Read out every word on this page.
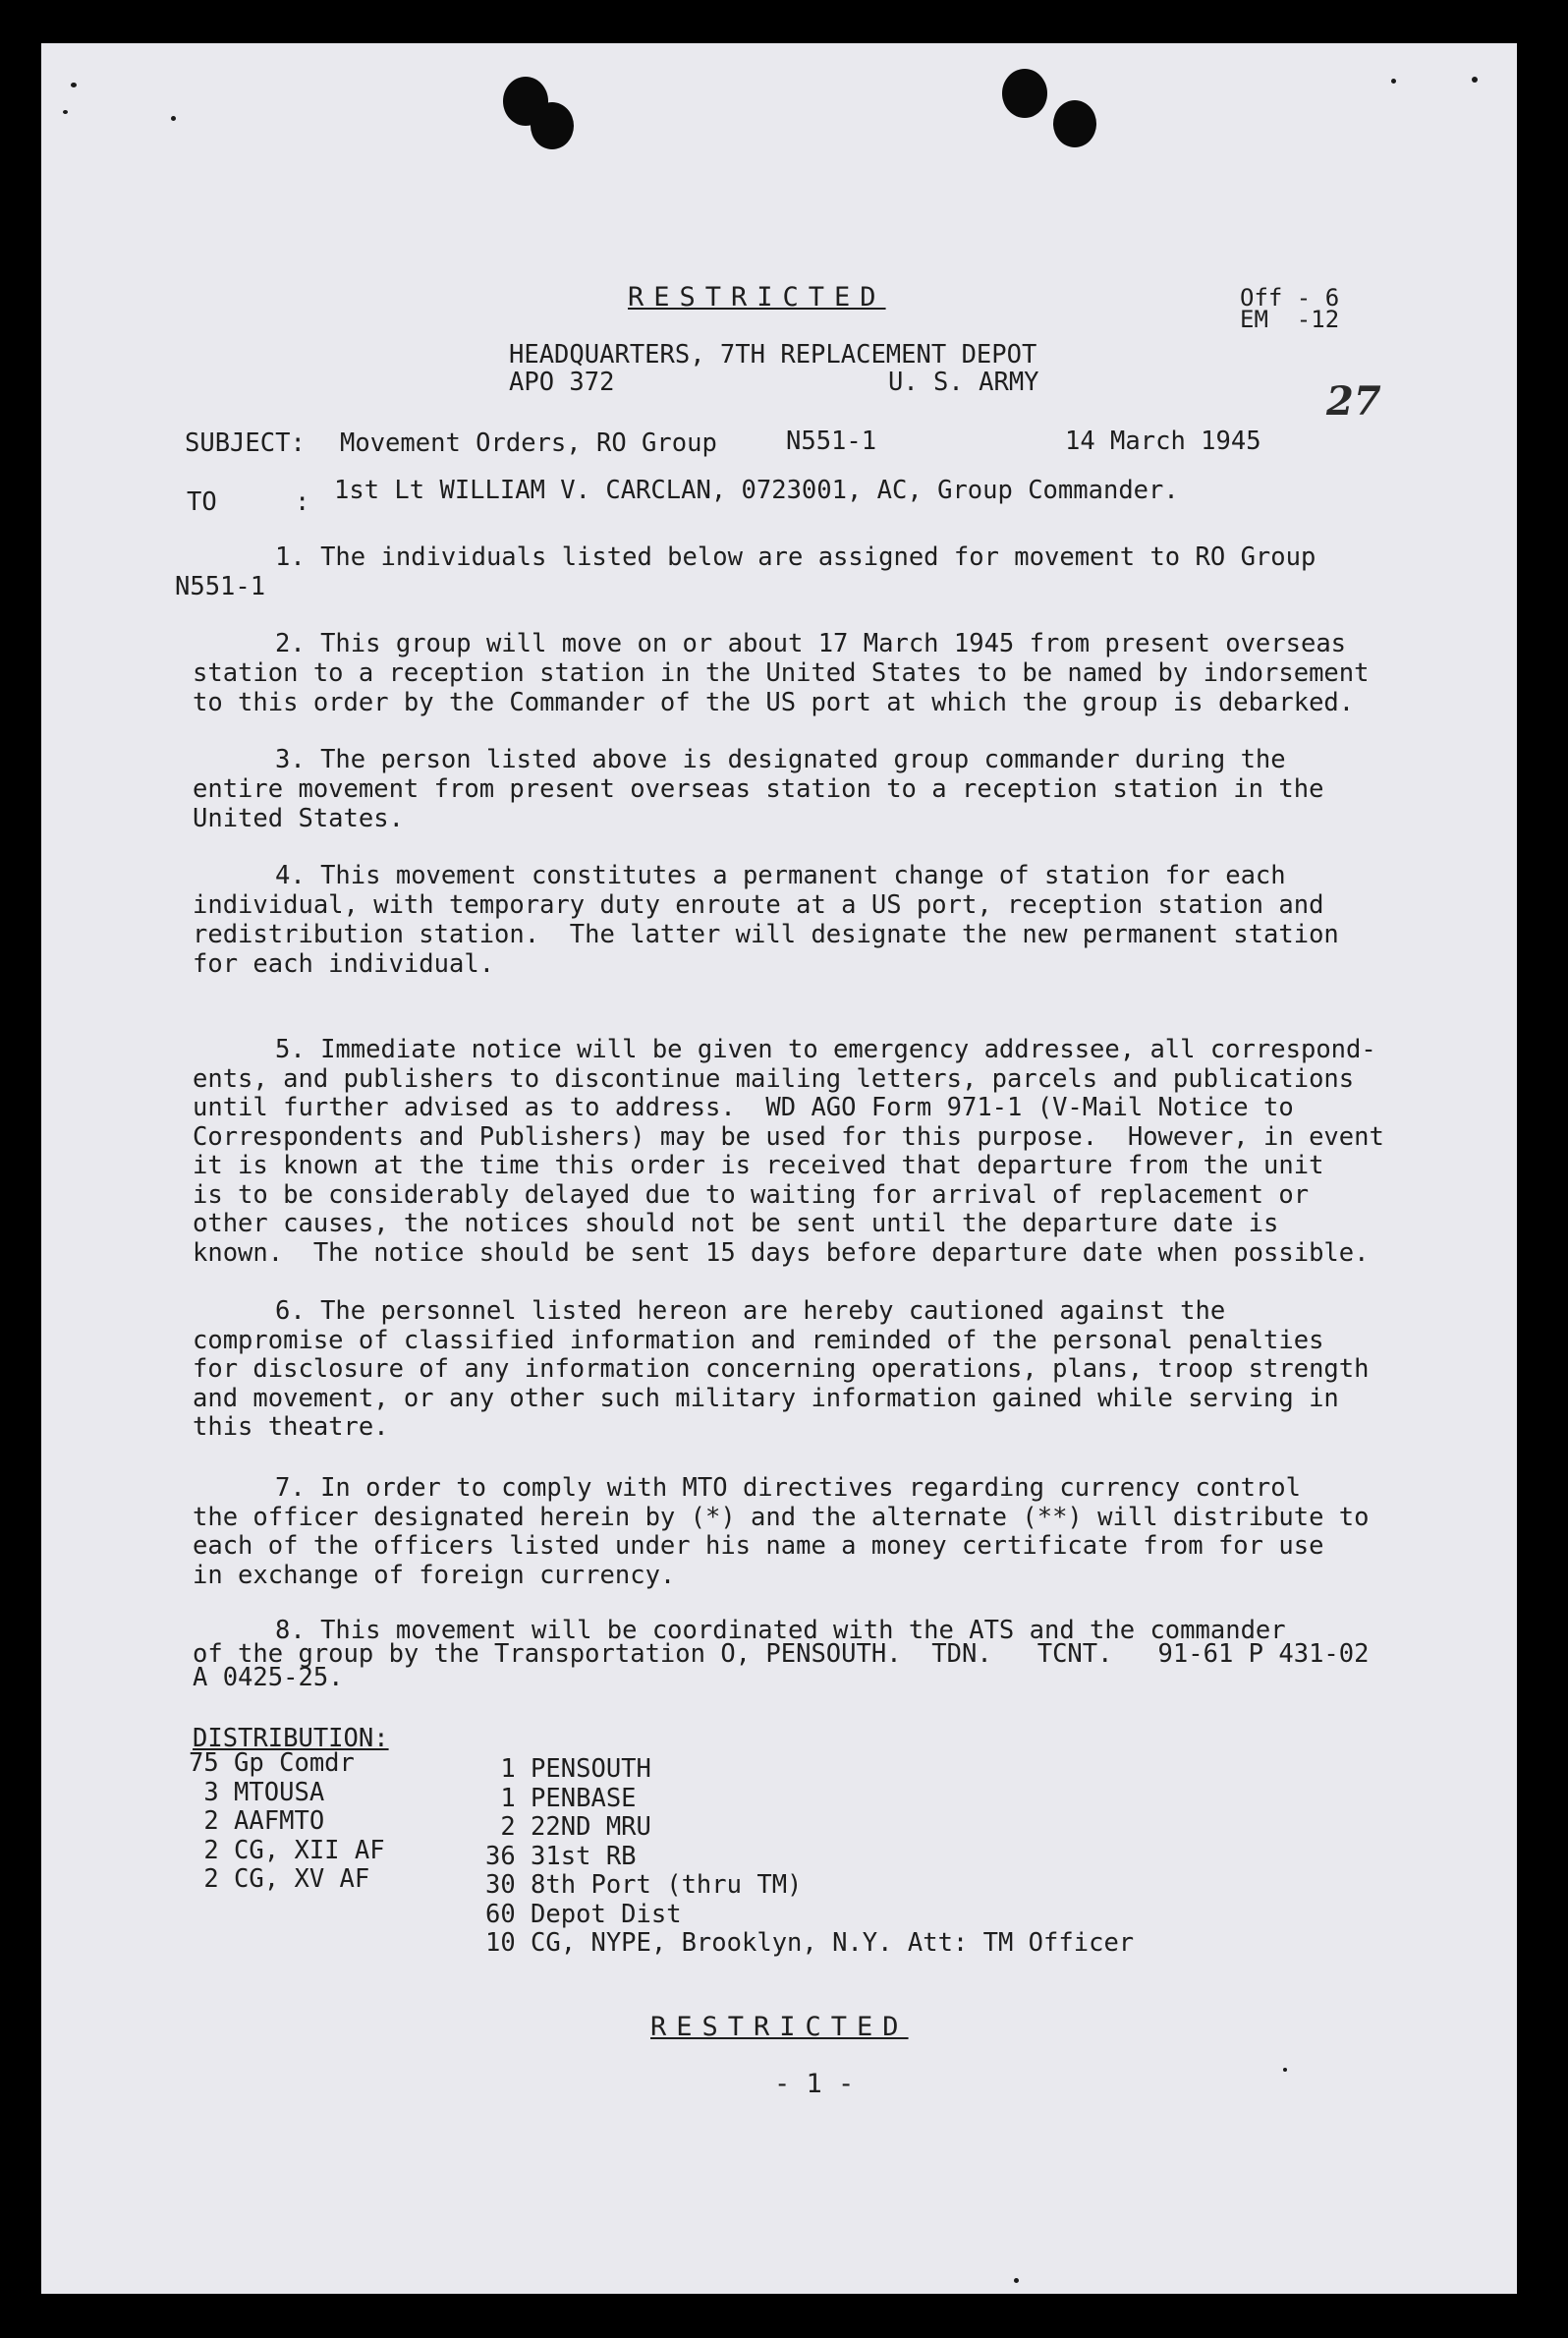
RESTRICTED	Off - 6
EM  -12
27
HEADQUARTERS, 7TH REPLACEMENT DEPOT
APO 372	U. S. ARMY
SUBJECT: Movement Orders, RO Group	N551-1	14 March 1945
TO	: 1st Lt WILLIAM V. CARCLAN, 0723001, AC, Group Commander.
1. The individuals listed below are assigned for movement to RO Group
N551-1
2. This group will move on or about 17 March 1945 from present overseas
station to a reception station in the United States to be named by indorsement
to this order by the Commander of the US port at which the group is debarked.
3. The person listed above is designated group commander during the
entire movement from present overseas station to a reception station in the
United States.
4. This movement constitutes a permanent change of station for each
individual, with temporary duty enroute at a US port, reception station and
redistribution station.  The latter will designate the new permanent station
for each individual.
5. Immediate notice will be given to emergency addressee, all correspond-
ents, and publishers to discontinue mailing letters, parcels and publications
until further advised as to address.  WD AGO Form 971-1 (V-Mail Notice to
Correspondents and Publishers) may be used for this purpose.  However, in event
it is known at the time this order is received that departure from the unit
is to be considerably delayed due to waiting for arrival of replacement or
other causes, the notices should not be sent until the departure date is
known.  The notice should be sent 15 days before departure date when possible.
6. The personnel listed hereon are hereby cautioned against the
compromise of classified information and reminded of the personal penalties
for disclosure of any information concerning operations, plans, troop strength
and movement, or any other such military information gained while serving in
this theatre.
7. In order to comply with MTO directives regarding currency control
the officer designated herein by (*) and the alternate (**) will distribute to
each of the officers listed under his name a money certificate from for use
in exchange of foreign currency.
8. This movement will be coordinated with the ATS and the commander
of the group by the Transportation O, PENSOUTH.  TDN.   TCNT.   91-61 P 431-02
A 0425-25.
DISTRIBUTION:
75 Gp Comdr
3 MTOUSA
2 AAFMTO
2 CG, XII AF
2 CG, XV AF
1 PENSOUTH
1 PENBASE
2 22ND MRU
36 31st RB
30 8th Port (thru TM)
60 Depot Dist
10 CG, NYPE, Brooklyn, N.Y. Att: TM Officer
RESTRICTED
- 1 -
